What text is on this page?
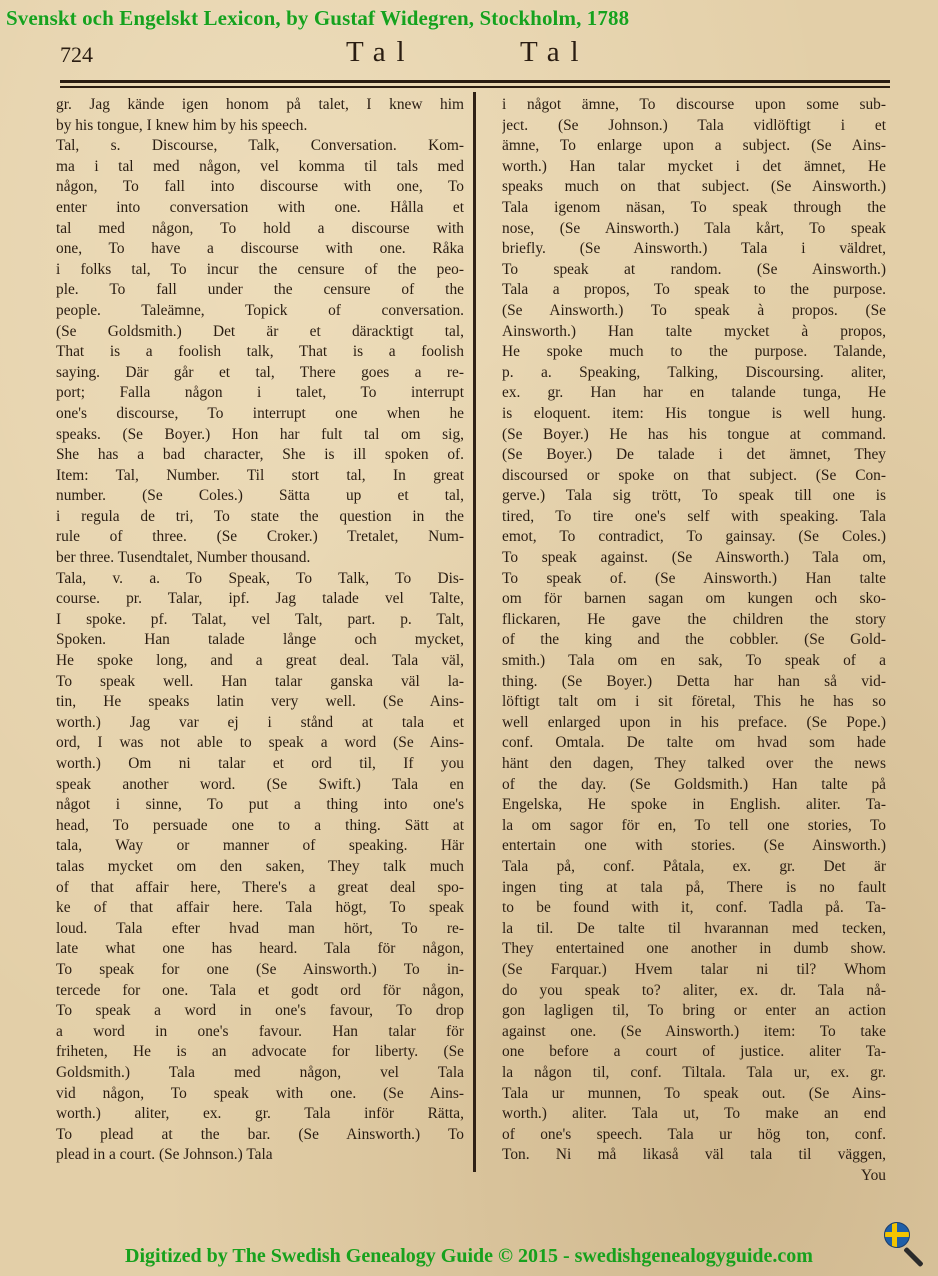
Svenskt och Engelskt Lexicon, by Gustaf Widegren, Stockholm, 1788
724	Tal	Tal
gr. Jag kände igen honom på talet, I knew him
by his tongue, I knew him by his speech.
Tal, s. Discourse, Talk, Conversation. Kom-
ma i tal med någon, vel komma til tals med
någon, To fall into discourse with one, To
enter into conversation with one. Hålla et
tal med någon, To hold a discourse with
one, To have a discourse with one. Råka
i folks tal, To incur the censure of the peo-
ple. To fall under the censure of the
people. Taleämne, Topick of conversation.
(Se Goldsmith.) Det är et däracktigt tal,
That is a foolish talk, That is a foolish
saying. Där går et tal, There goes a re-
port; Falla någon i talet, To interrupt
one's discourse, To interrupt one when he
speaks. (Se Boyer.) Hon har fult tal om sig,
She has a bad character, She is ill spoken of.
Item: Tal, Number. Til stort tal, In great
number. (Se Coles.) Sätta up et tal,
i regula de tri, To state the question in the
rule of three. (Se Croker.) Tretalet, Num-
ber three. Tusendtalet, Number thousand.
Tala, v. a. To Speak, To Talk, To Dis-
course. pr. Talar, ipf. Jag talade vel Talte,
I spoke. pf. Talat, vel Talt, part. p. Talt,
Spoken. Han talade långe och mycket,
He spoke long, and a great deal. Tala väl,
To speak well. Han talar ganska väl la-
tin, He speaks latin very well. (Se Ains-
worth.) Jag var ej i stånd at tala et
ord, I was not able to speak a word (Se Ains-
worth.) Om ni talar et ord til, If you
speak another word. (Se Swift.) Tala en
något i sinne, To put a thing into one's
head, To persuade one to a thing. Sätt at
tala, Way or manner of speaking. Här
talas mycket om den saken, They talk much
of that affair here, There's a great deal spo-
ke of that affair here. Tala högt, To speak
loud. Tala efter hvad man hört, To re-
late what one has heard. Tala för någon,
To speak for one (Se Ainsworth.) To in-
tercede for one. Tala et godt ord för någon,
To speak a word in one's favour, To drop
a word in one's favour. Han talar för
friheten, He is an advocate for liberty. (Se
Goldsmith.) Tala med någon, vel Tala
vid någon, To speak with one. (Se Ains-
worth.) aliter, ex. gr. Tala inför Rätta,
To plead at the bar. (Se Ainsworth.) To
plead in a court. (Se Johnson.) Tala
i något ämne, To discourse upon some sub-
ject. (Se Johnson.) Tala vidlöftigt i et
ämne, To enlarge upon a subject. (Se Ains-
worth.) Han talar mycket i det ämnet, He
speaks much on that subject. (Se Ainsworth.)
Tala igenom näsan, To speak through the
nose, (Se Ainsworth.) Tala kårt, To speak
briefly. (Se Ainsworth.) Tala i väldret,
To speak at random. (Se Ainsworth.)
Tala a propos, To speak to the purpose.
(Se Ainsworth.) To speak à propos. (Se
Ainsworth.) Han talte mycket à propos,
He spoke much to the purpose. Talande,
p. a. Speaking, Talking, Discoursing. aliter,
ex. gr. Han har en talande tunga, He
is eloquent. item: His tongue is well hung.
(Se Boyer.) He has his tongue at command.
(Se Boyer.) De talade i det ämnet, They
discoursed or spoke on that subject. (Se Con-
gerve.) Tala sig trött, To speak till one is
tired, To tire one's self with speaking. Tala
emot, To contradict, To gainsay. (Se Coles.)
To speak against. (Se Ainsworth.) Tala om,
To speak of. (Se Ainsworth.) Han talte
om för barnen sagan om kungen och sko-
flickaren, He gave the children the story
of the king and the cobbler. (Se Gold-
smith.) Tala om en sak, To speak of a
thing. (Se Boyer.) Detta har han så vid-
löftigt talt om i sit företal, This he has so
well enlarged upon in his preface. (Se Pope.)
conf. Omtala. De talte om hvad som hade
hänt den dagen, They talked over the news
of the day. (Se Goldsmith.) Han talte på
Engelska, He spoke in English. aliter. Ta-
la om sagor för en, To tell one stories, To
entertain one with stories. (Se Ainsworth.)
Tala på, conf. Påtala, ex. gr. Det är
ingen ting at tala på, There is no fault
to be found with it, conf. Tadla på. Ta-
la til. De talte til hvarannan med tecken,
They entertained one another in dumb show.
(Se Farquar.) Hvem talar ni til? Whom
do you speak to? aliter, ex. dr. Tala nå-
gon lagligen til, To bring or enter an action
against one. (Se Ainsworth.) item: To take
one before a court of justice. aliter Ta-
la någon til, conf. Tiltala. Tala ur, ex. gr.
Tala ur munnen, To speak out. (Se Ains-
worth.) aliter. Tala ut, To make an end
of one's speech. Tala ur hög ton, conf.
Ton. Ni må likaså väl tala til väggen,
You
Digitized by The Swedish Genealogy Guide © 2015 - swedishgenealogyguide.com
